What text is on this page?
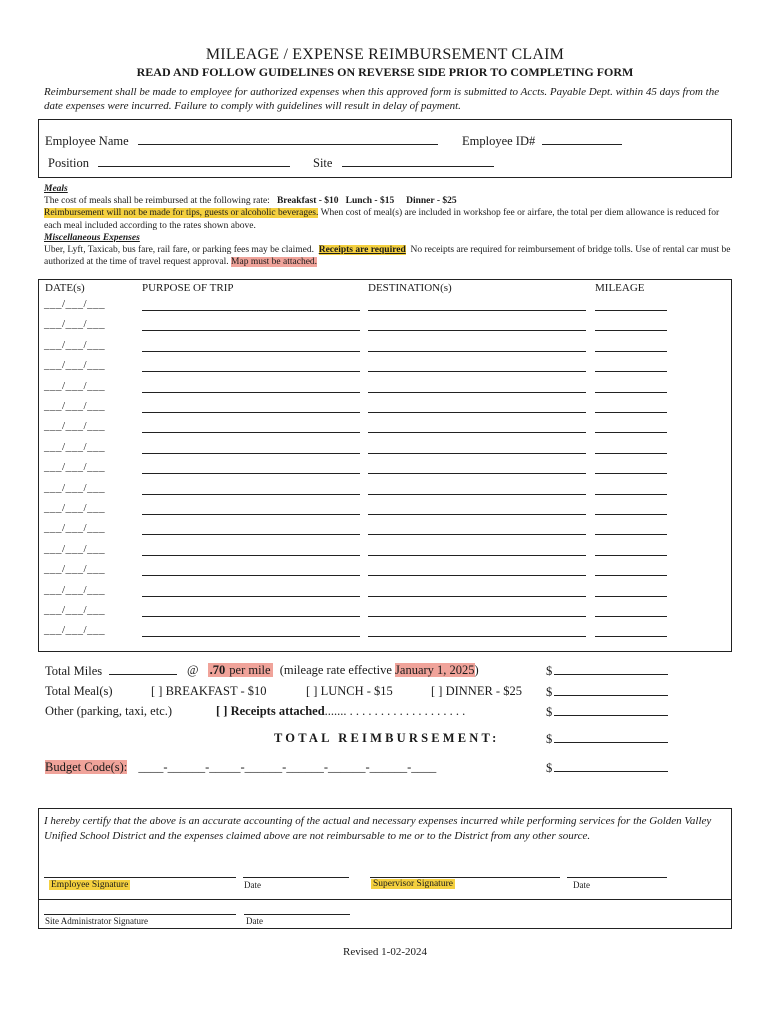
MILEAGE / EXPENSE REIMBURSEMENT CLAIM
READ AND FOLLOW GUIDELINES ON REVERSE SIDE PRIOR TO COMPLETING FORM
Reimbursement shall be made to employee for authorized expenses when this approved form is submitted to Accts. Payable Dept. within 45 days from the date expenses were incurred. Failure to comply with guidelines will result in delay of payment.
Employee Name	Employee ID#
Position	Site
Meals
The cost of meals shall be reimbursed at the following rate: Breakfast - $10 Lunch - $15 Dinner - $25
Reimbursement will not be made for tips, guests or alcoholic beverages. When cost of meal(s) are included in workshop fee or airfare, the total per diem allowance is reduced for each meal included according to the rates shown above.
Miscellaneous Expenses
Uber, Lyft, Taxicab, bus fare, rail fare, or parking fees may be claimed. Receipts are required No receipts are required for reimbursement of bridge tolls. Use of rental car must be authorized at the time of travel request approval. Map must be attached.
DATE(s)	PURPOSE OF TRIP	DESTINATION(s)	MILEAGE
___/___/___
___/___/___
___/___/___
___/___/___
___/___/___
___/___/___
___/___/___
___/___/___
___/___/___
___/___/___
___/___/___
___/___/___
___/___/___
___/___/___
___/___/___
___/___/___
___/___/___
Total Miles	@ .70 per mile (mileage rate effective January 1, 2025)	$
Total Meal(s)	[ ] BREAKFAST - $10	[ ] LUNCH - $15	[ ] DINNER - $25 $
Other (parking, taxi, etc.)	[ ] Receipts attached....... . . . . . . . . . . . . . . . . . . .	$
TOTAL REIMBURSEMENT:	$
Budget Code(s): ____-______-_____-______-______-______-______-____	$
I hereby certify that the above is an accurate accounting of the actual and necessary expenses incurred while performing services for the Golden Valley Unified School District and the expenses claimed above are not reimbursable to me or to the District from any other source.
Employee Signature	Date	Supervisor Signature	Date
Site Administrator Signature	Date
Revised 1-02-2024
